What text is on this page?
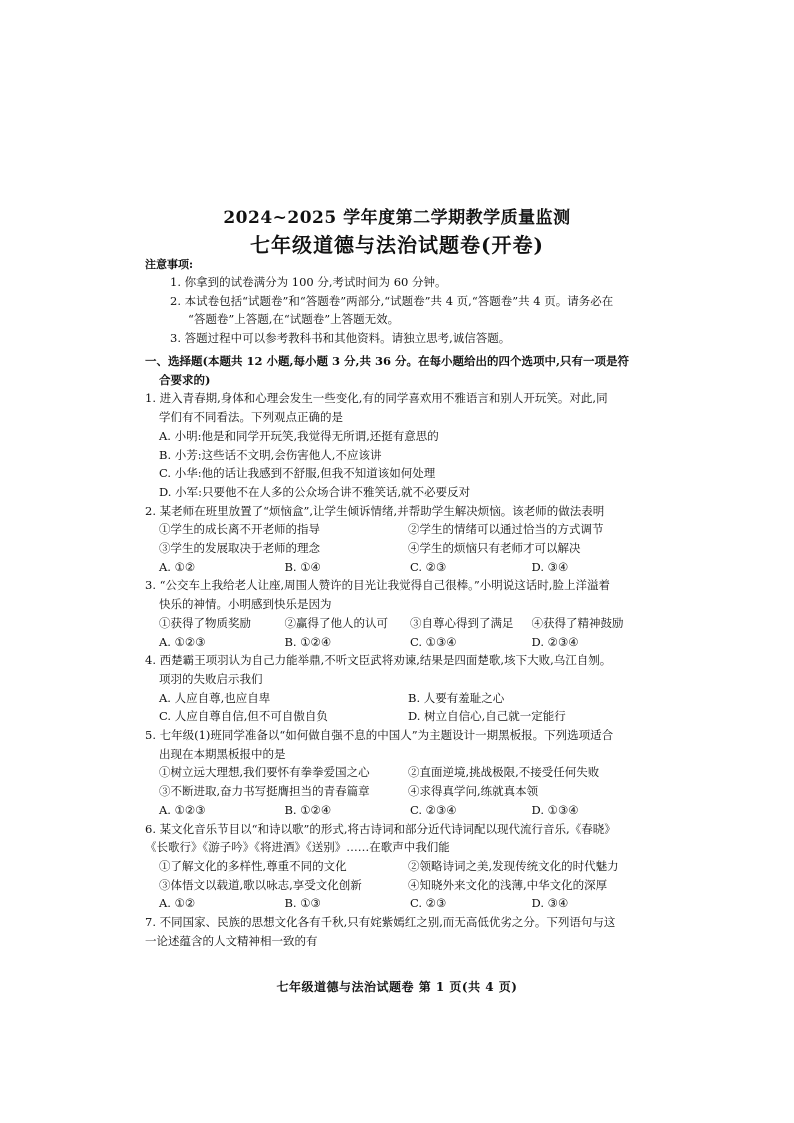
2024~2025 学年度第二学期教学质量监测
七年级道德与法治试题卷(开卷)
注意事项:
1. 你拿到的试卷满分为 100 分,考试时间为 60 分钟。
2. 本试卷包括“试题卷”和“答题卷”两部分,“试题卷”共 4 页,“答题卷”共 4 页。请务必在
“答题卷”上答题,在“试题卷”上答题无效。
3. 答题过程中可以参考教科书和其他资料。请独立思考,诚信答题。
一、选择题(本题共 12 小题,每小题 3 分,共 36 分。在每小题给出的四个选项中,只有一项是符
合要求的)
1. 进入青春期,身体和心理会发生一些变化,有的同学喜欢用不雅语言和别人开玩笑。对此,同
学们有不同看法。下列观点正确的是
A. 小明:他是和同学开玩笑,我觉得无所谓,还挺有意思的
B. 小芳:这些话不文明,会伤害他人,不应该讲
C. 小华:他的话让我感到不舒服,但我不知道该如何处理
D. 小军:只要他不在人多的公众场合讲不雅笑话,就不必要反对
2. 某老师在班里放置了“烦恼盒”,让学生倾诉情绪,并帮助学生解决烦恼。该老师的做法表明
①学生的成长离不开老师的指导	②学生的情绪可以通过恰当的方式调节
③学生的发展取决于老师的理念	④学生的烦恼只有老师才可以解决
A. ①②	B. ①④	C. ②③	D. ③④
3. “公交车上我给老人让座,周围人赞许的目光让我觉得自己很棒。”小明说这话时,脸上洋溢着
快乐的神情。小明感到快乐是因为
①获得了物质奖励	②赢得了他人的认可	③自尊心得到了满足	④获得了精神鼓励
A. ①②③	B. ①②④	C. ①③④	D. ②③④
4. 西楚霸王项羽认为自己力能举鼎,不听文臣武将劝谏,结果是四面楚歌,垓下大败,乌江自刎。
项羽的失败启示我们
A. 人应自尊,也应自卑	B. 人要有羞耻之心
C. 人应自尊自信,但不可自傲自负	D. 树立自信心,自己就一定能行
5. 七年级(1)班同学准备以“如何做自强不息的中国人”为主题设计一期黑板报。下列选项适合
出现在本期黑板报中的是
①树立远大理想,我们要怀有拳拳爱国之心	②直面逆境,挑战极限,不接受任何失败
③不断进取,奋力书写挺膺担当的青春篇章	④求得真学问,练就真本领
A. ①②③	B. ①②④	C. ②③④	D. ①③④
6. 某文化音乐节目以“和诗以歌”的形式,将古诗词和部分近代诗词配以现代流行音乐,《春晓》
《长歌行》《游子吟》《将进酒》《送别》……在歌声中我们能
①了解文化的多样性,尊重不同的文化	②领略诗词之美,发现传统文化的时代魅力
③体悟文以载道,歌以咏志,享受文化创新	④知晓外来文化的浅薄,中华文化的深厚
A. ①②	B. ①③	C. ②③	D. ③④
7. 不同国家、民族的思想文化各有千秋,只有姹紫嫣红之别,而无高低优劣之分。下列语句与这
一论述蕴含的人文精神相一致的有
七年级道德与法治试题卷 第 1 页(共 4 页)
